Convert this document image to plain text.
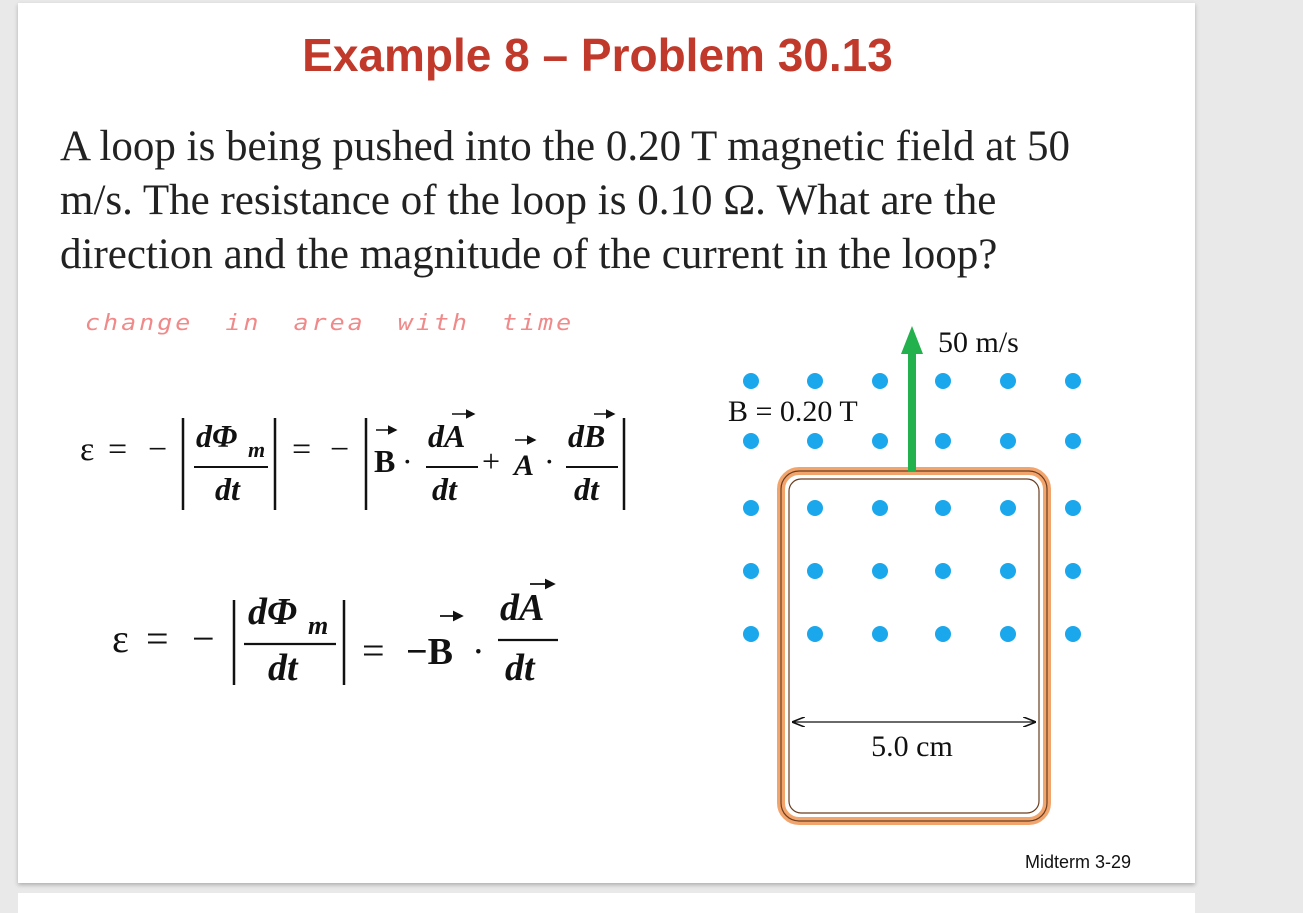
Example 8 – Problem 30.13

A loop is being pushed into the 0.20 T magnetic field at 50 m/s. The resistance of the loop is 0.10 Ω. What are the direction and the magnitude of the current in the loop?

change in area with time
ε = − dΦ m
dt
= − B ·
dA
dt
+ A ·
dB
dt
ε = −
dΦ m
dt = −B ·
dA
dt
50 m/s
B = 0.20 T
5.0 cm
Midterm 3-29
